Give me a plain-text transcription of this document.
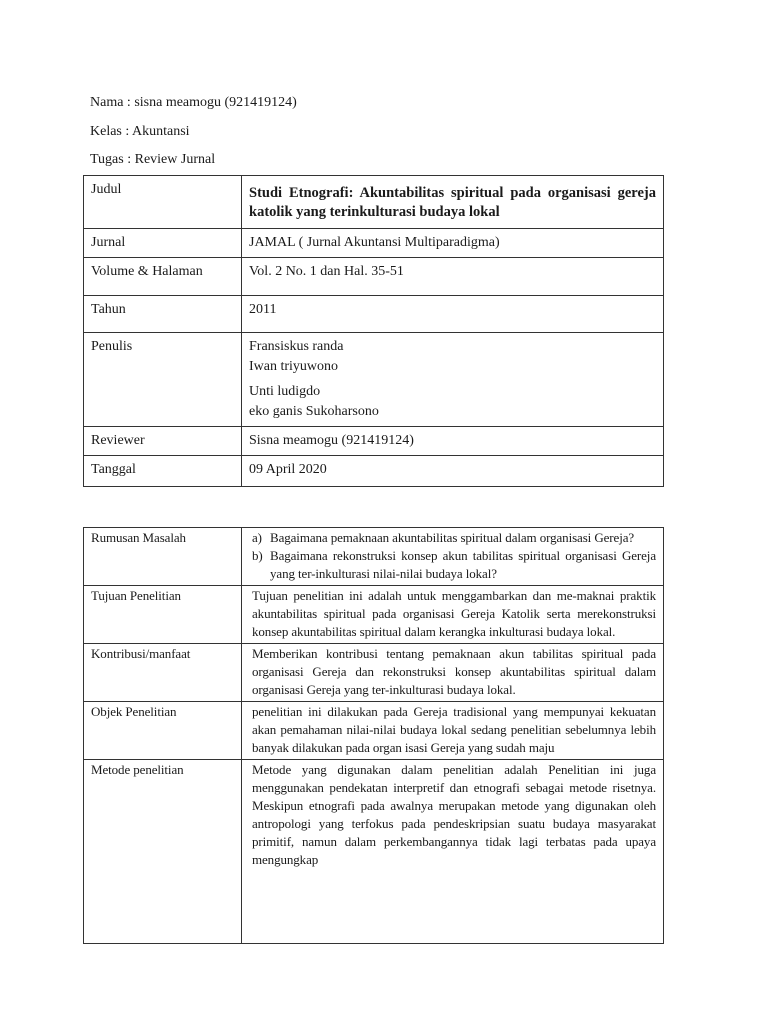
Nama : sisna meamogu (921419124)
Kelas : Akuntansi
Tugas : Review Jurnal
Judul	Studi Etnografi: Akuntabilitas spiritual pada organisasi gereja katolik yang terinkulturasi budaya lokal
Jurnal	JAMAL ( Jurnal Akuntansi Multiparadigma)
Volume & Halaman	Vol. 2 No. 1 dan Hal. 35-51
Tahun	2011
Penulis	Fransiskus randa
Iwan triyuwono
Unti ludigdo
eko ganis Sukoharsono

Reviewer	Sisna meamogu (921419124)
Tanggal	09 April 2020
Rumusan Masalah	a) Bagaimana pemaknaan akuntabilitas spiritual dalam organisasi Gereja?
b) Bagaimana rekonstruksi konsep akun tabilitas spiritual organisasi Gereja yang ter-inkulturasi nilai-nilai budaya lokal?

Tujuan Penelitian	Tujuan penelitian ini adalah untuk menggambarkan dan me-maknai praktik akuntabilitas spiritual pada organisasi Gereja Katolik serta merekonstruksi konsep akuntabilitas spiritual dalam kerangka inkulturasi budaya lokal.
Kontribusi/manfaat	Memberikan kontribusi tentang pemaknaan akun tabilitas spiritual pada organisasi Gereja dan rekonstruksi konsep akuntabilitas spiritual dalam organisasi Gereja yang ter-inkulturasi budaya lokal.
Objek Penelitian	penelitian ini dilakukan pada Gereja tradisional yang mempunyai kekuatan akan pemahaman nilai-nilai budaya lokal sedang penelitian sebelumnya lebih banyak dilakukan pada organ isasi Gereja yang sudah maju
Metode penelitian	Metode yang digunakan dalam penelitian adalah Penelitian ini juga menggunakan pendekatan interpretif dan etnografi sebagai metode risetnya. Meskipun etnografi pada awalnya merupakan metode yang digunakan oleh antropologi yang terfokus pada pendeskripsian suatu budaya masyarakat primitif, namun dalam perkembangannya tidak lagi terbatas pada upaya mengungkap
